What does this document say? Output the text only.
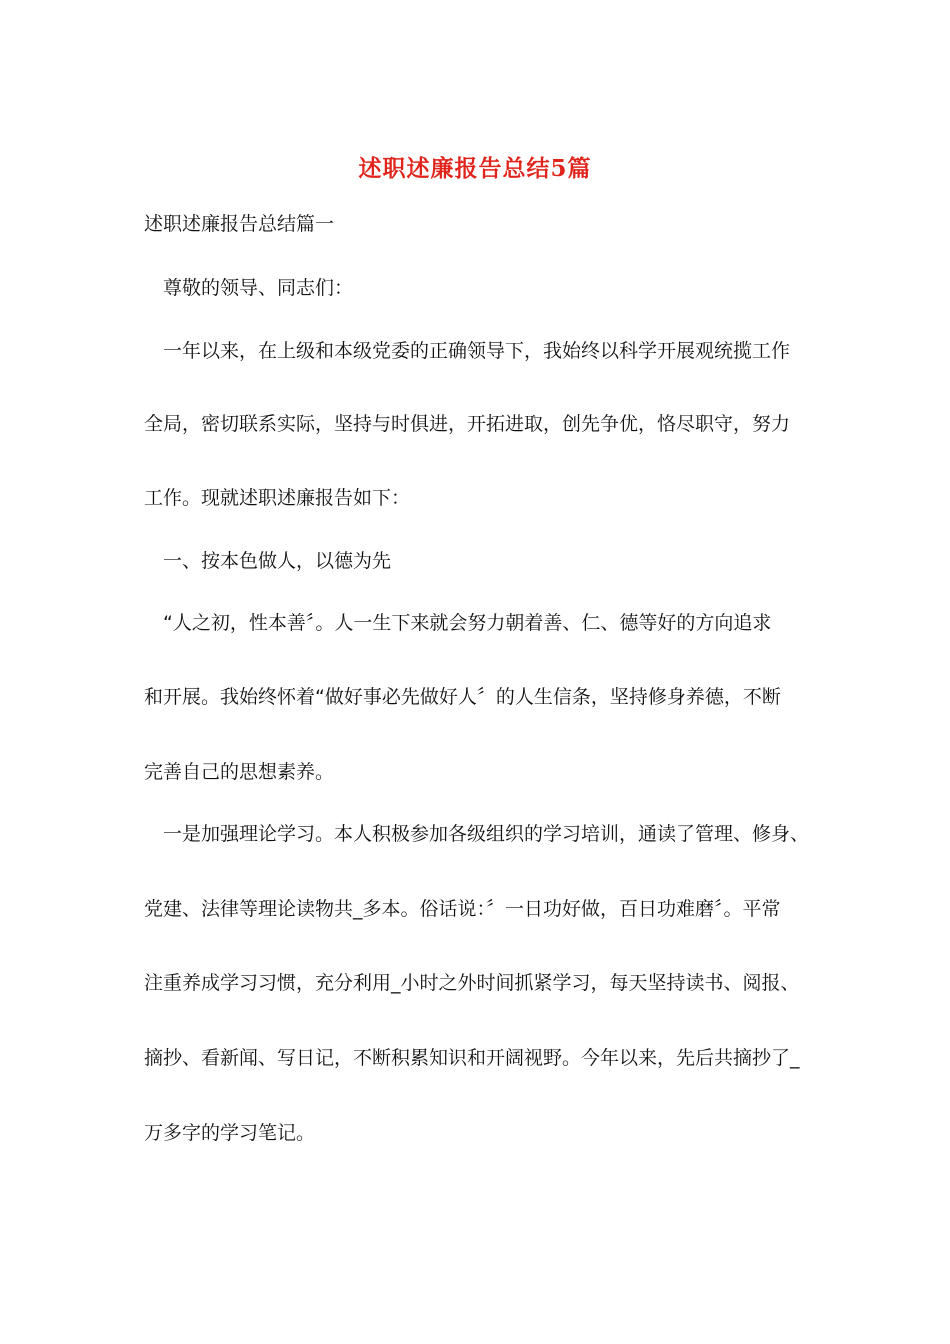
述职述廉报告总结5篇
述职述廉报告总结篇一
　尊敬的领导、同志们：
　一年以来，在上级和本级党委的正确领导下，我始终以科学开展观统揽工作
全局，密切联系实际，坚持与时俱进，开拓进取，创先争优，恪尽职守，努力
工作。现就述职述廉报告如下：
　一、按本色做人，以德为先
　“人之初，性本善〞。人一生下来就会努力朝着善、仁、德等好的方向追求
和开展。我始终怀着“做好事必先做好人〞的人生信条，坚持修身养德，不断
完善自己的思想素养。
　一是加强理论学习。本人积极参加各级组织的学习培训，通读了管理、修身、
党建、法律等理论读物共_多本。俗话说：〞一日功好做，百日功难磨〞。平常
注重养成学习习惯，充分利用_小时之外时间抓紧学习，每天坚持读书、阅报、
摘抄、看新闻、写日记，不断积累知识和开阔视野。今年以来，先后共摘抄了_
万多字的学习笔记。
